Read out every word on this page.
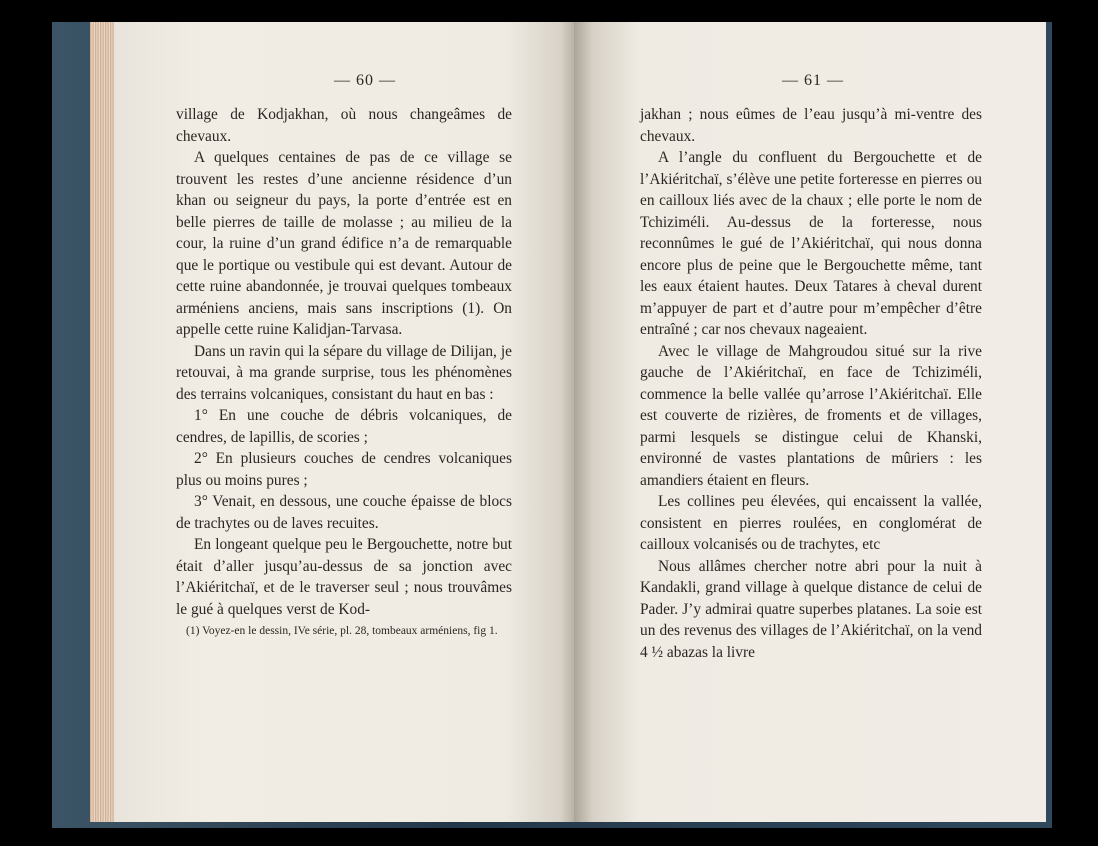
— 60 —

village de Kodjakhan, où nous changeâmes de chevaux.

A quelques centaines de pas de ce village se trouvent les restes d’une ancienne résidence d’un khan ou seigneur du pays, la porte d’entrée est en belle pierres de taille de molasse ; au milieu de la cour, la ruine d’un grand édifice n’a de remarquable que le portique ou vestibule qui est devant. Autour de cette ruine abandonnée, je trouvai quelques tombeaux arméniens anciens, mais sans inscriptions (1). On appelle cette ruine Kalidjan-Tarvasa.

Dans un ravin qui la sépare du village de Dilijan, je retouvai, à ma grande surprise, tous les phénomènes des terrains volcaniques, consistant du haut en bas :

1° En une couche de débris volcaniques, de cendres, de lapillis, de scories ;

2° En plusieurs couches de cendres volcaniques plus ou moins pures ;

3° Venait, en dessous, une couche épaisse de blocs de trachytes ou de laves recuites.

En longeant quelque peu le Bergouchette, notre but était d’aller jusqu’au-dessus de sa jonction avec l’Akiéritchaï, et de le traverser seul ; nous trouvâmes le gué à quelques verst de Kod-

(1) Voyez-en le dessin, IVe série, pl. 28, tombeaux arméniens, fig 1.

— 61 —

jakhan ; nous eûmes de l’eau jusqu’à mi-ventre des chevaux.

A l’angle du confluent du Bergouchette et de l’Akiéritchaï, s’élève une petite forteresse en pierres ou en cailloux liés avec de la chaux ; elle porte le nom de Tchiziméli. Au-dessus de la forteresse, nous reconnûmes le gué de l’Akiéritchaï, qui nous donna encore plus de peine que le Bergouchette même, tant les eaux étaient hautes. Deux Tatares à cheval durent m’appuyer de part et d’autre pour m’empêcher d’être entraîné ; car nos chevaux nageaient.

Avec le village de Mahgroudou situé sur la rive gauche de l’Akiéritchaï, en face de Tchiziméli, commence la belle vallée qu’arrose l’Akiéritchaï. Elle est couverte de rizières, de froments et de villages, parmi lesquels se distingue celui de Khanski, environné de vastes plantations de mûriers : les amandiers étaient en fleurs.

Les collines peu élevées, qui encaissent la vallée, consistent en pierres roulées, en conglomérat de cailloux volcanisés ou de trachytes, etc

Nous allâmes chercher notre abri pour la nuit à Kandakli, grand village à quelque distance de celui de Pader. J’y admirai quatre superbes platanes. La soie est un des revenus des villages de l’Akiéritchaï, on la vend 4 ½ abazas la livre
